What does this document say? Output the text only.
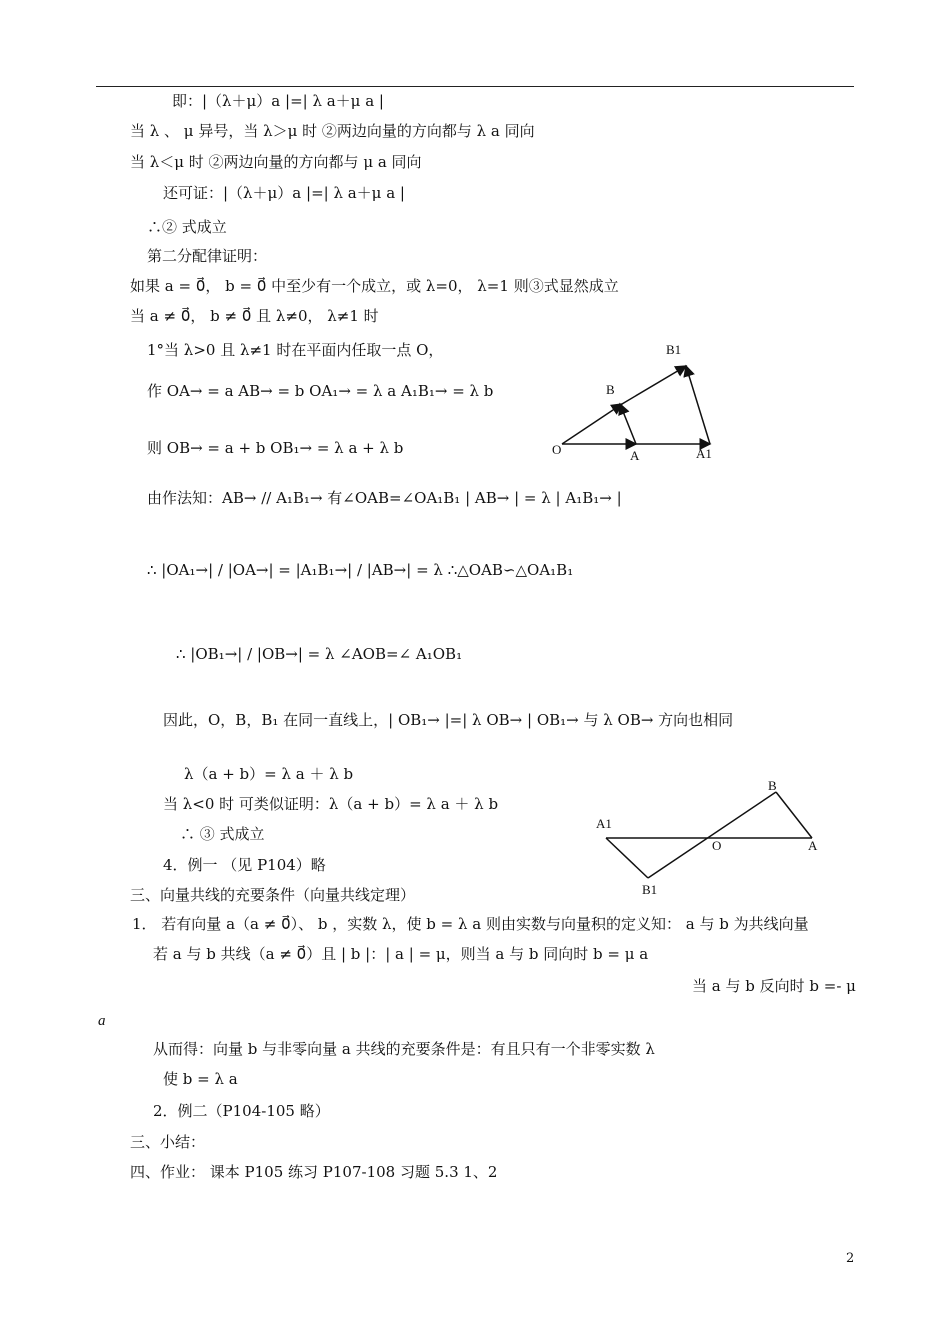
即：|（λ＋μ）a |=| λ a＋μ a |
当 λ 、 μ 异号，当 λ＞μ 时 ②两边向量的方向都与 λ a 同向
当 λ＜μ 时 ②两边向量的方向都与 μ a 同向
还可证：|（λ＋μ）a |=| λ a＋μ a |
∴② 式成立
第二分配律证明：
如果 a = 0⃗， b = 0⃗ 中至少有一个成立，或 λ=0， λ=1 则③式显然成立
当 a ≠ 0⃗， b ≠ 0⃗ 且 λ≠0， λ≠1 时
1°当 λ>0 且 λ≠1 时在平面内任取一点 O，
作 OA→ = a AB→ = b OA₁→ = λ a A₁B₁→ = λ b
则 OB→ = a + b OB₁→ = λ a + λ b
由作法知：AB→ // A₁B₁→ 有∠OAB=∠OA₁B₁ | AB→ | = λ | A₁B₁→ |
∴ |OA₁→| / |OA→| = |A₁B₁→| / |AB→| = λ ∴△OAB∽△OA₁B₁
∴ |OB₁→| / |OB→| = λ ∠AOB=∠ A₁OB₁
因此，O，B，B₁ 在同一直线上，| OB₁→ |=| λ OB→ | OB₁→ 与 λ OB→ 方向也相同
λ（a + b）= λ a ＋ λ b
当 λ<0 时 可类似证明：λ（a + b）= λ a ＋ λ b
∴ ③ 式成立
4．例一 （见 P104）略
三、向量共线的充要条件（向量共线定理）
1． 若有向量 a（a ≠ 0⃗）、 b ，实数 λ，使 b = λ a 则由实数与向量积的定义知： a 与 b 为共线向量
若 a 与 b 共线（a ≠ 0⃗）且 | b |：| a | = μ，则当 a 与 b 同向时 b = μ a
当 a 与 b 反向时 b =- μ
a
从而得：向量 b 与非零向量 a 共线的充要条件是：有且只有一个非零实数 λ
使 b = λ a
2．例二（P104-105 略）
三、小结：
四、作业： 课本 P105 练习 P107-108 习题 5.3 1、2
B1
B
O	A	A1
B
A1
O	A
B1
2
